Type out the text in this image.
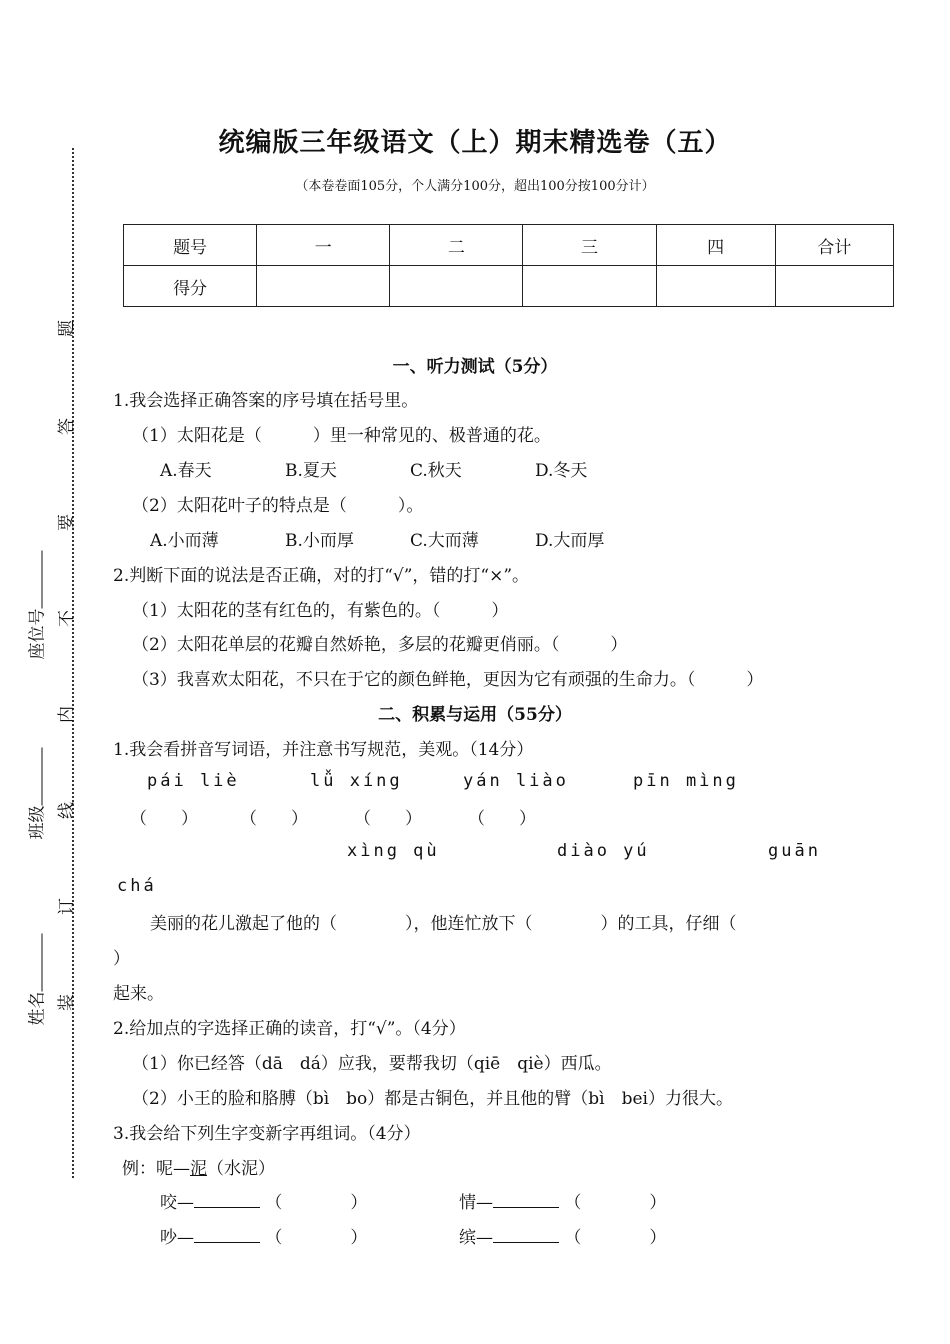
题
答
要
不
内
线
订
装
座位号
班级
姓名
统编版三年级语文（上）期末精选卷（五）
（本卷卷面105分，个人满分100分，超出100分按100分计）
题号	一	二	三	四	合计
得分					
一、听力测试（5分）
1.我会选择正确答案的序号填在括号里。
（1）太阳花是（　　　）里一种常见的、极普通的花。
A.春天	B.夏天	C.秋天	D.冬天
（2）太阳花叶子的特点是（　　　）。
A.小而薄	B.小而厚	C.大而薄	D.大而厚
2.判断下面的说法是否正确，对的打“√”，错的打“×”。
（1）太阳花的茎有红色的，有紫色的。（　　　）
（2）太阳花单层的花瓣自然娇艳，多层的花瓣更俏丽。（　　　）
（3）我喜欢太阳花，不只在于它的颜色鲜艳，更因为它有顽强的生命力。（　　　）
二、积累与运用（55分）
1.我会看拼音写词语，并注意书写规范，美观。（14分）
pái liè	lǚ xíng	yán liào	pīn mìng
（　　） （　　）	（　　）	（　　）
xìng qù	diào yú	guān
chá
美丽的花儿激起了他的（　　　　），他连忙放下（　　　　）的工具，仔细（
）
起来。
2.给加点的字选择正确的读音，打“√”。（4分）
（1）你已经答（dā　dá）应我，要帮我切（qiē　qiè）西瓜。
（2）小王的脸和胳膊（bì　bo）都是古铜色，并且他的臂（bì　bei）力很大。
3.我会给下列生字变新字再组词。（4分）
例：呢—泥（水泥）
咬—	（　　　　）	情—	（　　　　）
吵—	（　　　　）	缤—	（　　　　）
